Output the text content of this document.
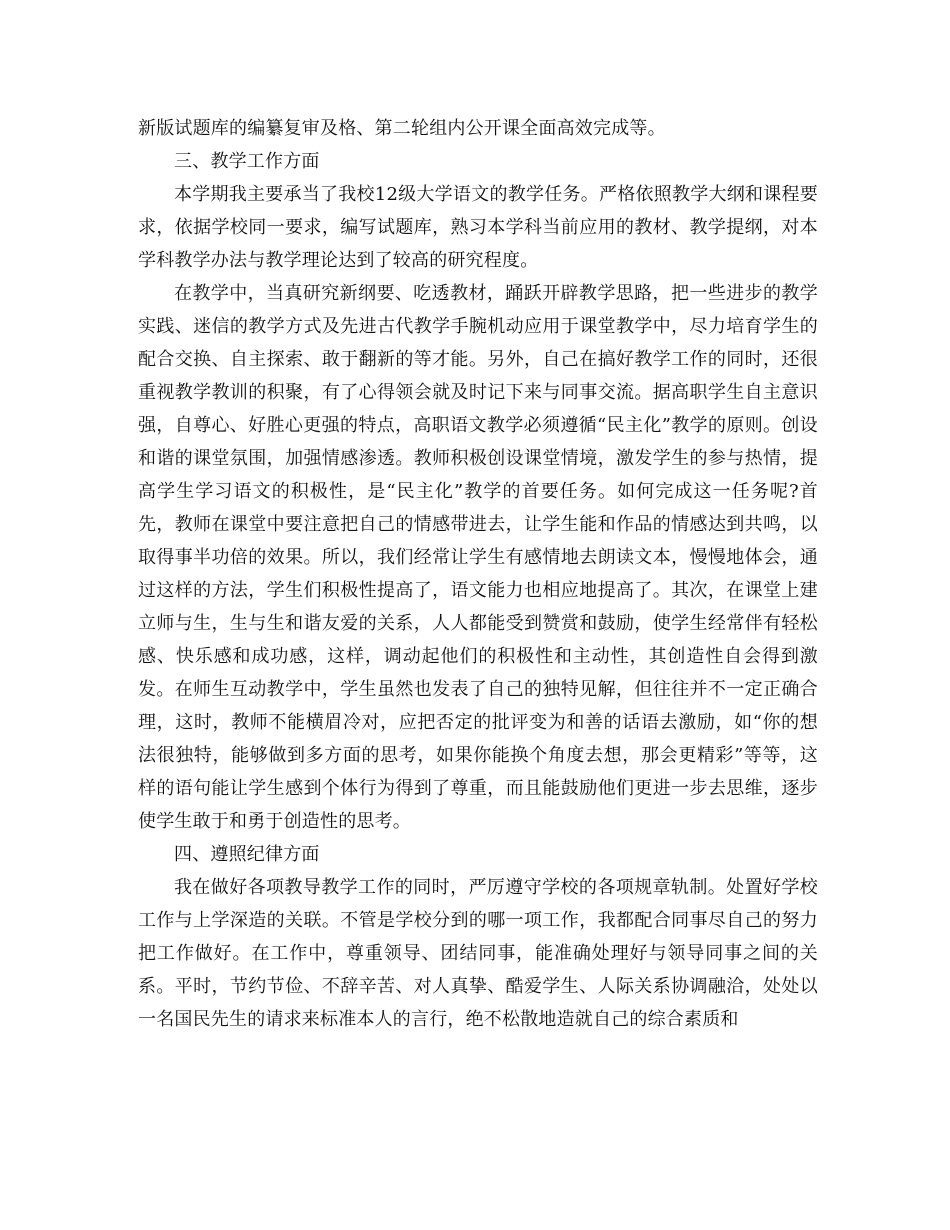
新版试题库的编纂复审及格、第二轮组内公开课全面高效完成等。

三、教学工作方面

本学期我主要承当了我校12级大学语文的教学任务。严格依照教学大纲和课程要求，依据学校同一要求，编写试题库，熟习本学科当前应用的教材、教学提纲，对本学科教学办法与教学理论达到了较高的研究程度。

在教学中，当真研究新纲要、吃透教材，踊跃开辟教学思路，把一些进步的教学实践、迷信的教学方式及先进古代教学手腕机动应用于课堂教学中，尽力培育学生的配合交换、自主探索、敢于翻新的等才能。另外，自己在搞好教学工作的同时，还很重视教学教训的积聚，有了心得领会就及时记下来与同事交流。据高职学生自主意识强，自尊心、好胜心更强的特点，高职语文教学必须遵循“民主化”教学的原则。创设和谐的课堂氛围，加强情感渗透。教师积极创设课堂情境，激发学生的参与热情，提高学生学习语文的积极性，是“民主化”教学的首要任务。如何完成这一任务呢?首先，教师在课堂中要注意把自己的情感带进去，让学生能和作品的情感达到共鸣，以取得事半功倍的效果。所以，我们经常让学生有感情地去朗读文本，慢慢地体会，通过这样的方法，学生们积极性提高了，语文能力也相应地提高了。其次，在课堂上建立师与生，生与生和谐友爱的关系，人人都能受到赞赏和鼓励，使学生经常伴有轻松感、快乐感和成功感，这样，调动起他们的积极性和主动性，其创造性自会得到激发。在师生互动教学中，学生虽然也发表了自己的独特见解，但往往并不一定正确合理，这时，教师不能横眉冷对，应把否定的批评变为和善的话语去激励，如“你的想法很独特，能够做到多方面的思考，如果你能换个角度去想，那会更精彩”等等，这样的语句能让学生感到个体行为得到了尊重，而且能鼓励他们更进一步去思维，逐步使学生敢于和勇于创造性的思考。

四、遵照纪律方面

我在做好各项教导教学工作的同时，严厉遵守学校的各项规章轨制。处置好学校工作与上学深造的关联。不管是学校分到的哪一项工作，我都配合同事尽自己的努力把工作做好。在工作中，尊重领导、团结同事，能准确处理好与领导同事之间的关系。平时，节约节俭、不辞辛苦、对人真挚、酷爱学生、人际关系协调融洽，处处以一名国民先生的请求来标准本人的言行，绝不松散地造就自己的综合素质和
